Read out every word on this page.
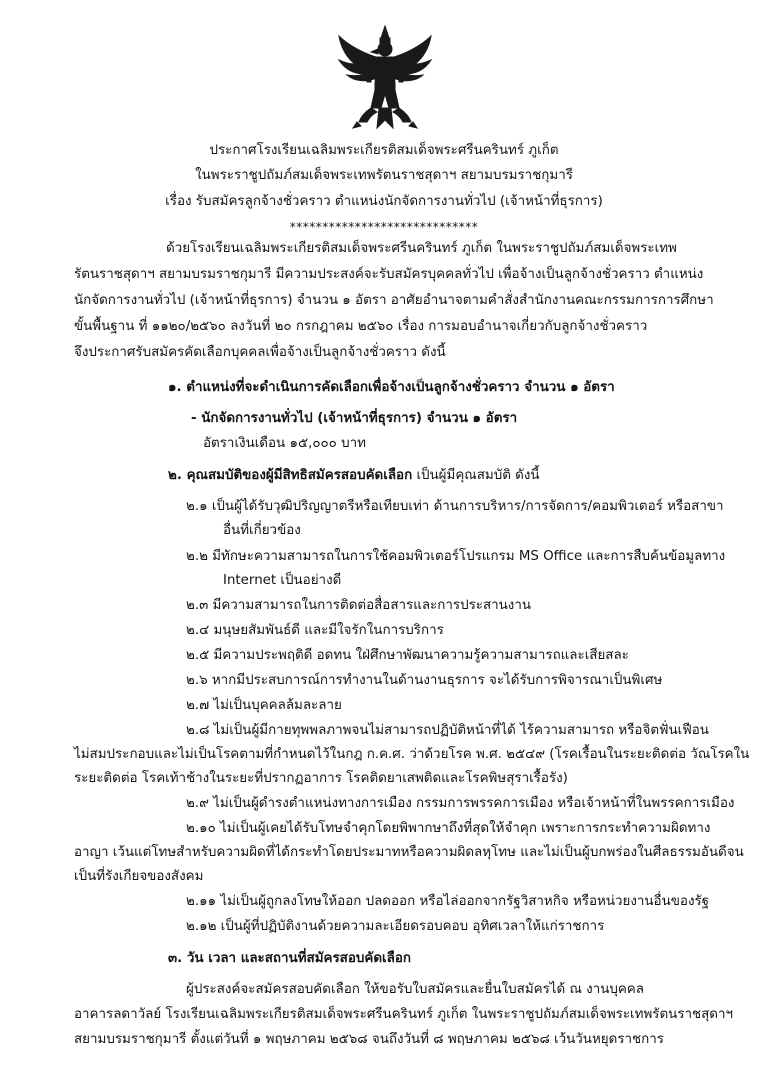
ประกาศโรงเรียนเฉลิมพระเกียรติสมเด็จพระศรีนครินทร์ ภูเก็ต
ในพระราชูปถัมภ์สมเด็จพระเทพรัตนราชสุดาฯ สยามบรมราชกุมารี
เรื่อง รับสมัครลูกจ้างชั่วคราว ตำแหน่งนักจัดการงานทั่วไป (เจ้าหน้าที่ธุรการ)
*****************************
ด้วยโรงเรียนเฉลิมพระเกียรติสมเด็จพระศรีนครินทร์ ภูเก็ต ในพระราชูปถัมภ์สมเด็จพระเทพ
รัตนราชสุดาฯ สยามบรมราชกุมารี มีความประสงค์จะรับสมัครบุคคลทั่วไป เพื่อจ้างเป็นลูกจ้างชั่วคราว ตำแหน่ง
นักจัดการงานทั่วไป (เจ้าหน้าที่ธุรการ) จำนวน ๑ อัตรา อาศัยอำนาจตามคำสั่งสำนักงานคณะกรรมการการศึกษา
ขั้นพื้นฐาน ที่ ๑๑๒๐/๒๕๖๐ ลงวันที่ ๒๐ กรกฎาคม ๒๕๖๐ เรื่อง การมอบอำนาจเกี่ยวกับลูกจ้างชั่วคราว
จึงประกาศรับสมัครคัดเลือกบุคคลเพื่อจ้างเป็นลูกจ้างชั่วคราว ดังนี้
๑. ตำแหน่งที่จะดำเนินการคัดเลือกเพื่อจ้างเป็นลูกจ้างชั่วคราว จำนวน ๑ อัตรา
- นักจัดการงานทั่วไป (เจ้าหน้าที่ธุรการ) จำนวน ๑ อัตรา
อัตราเงินเดือน ๑๕,๐๐๐ บาท
๒. คุณสมบัติของผู้มีสิทธิสมัครสอบคัดเลือก เป็นผู้มีคุณสมบัติ ดังนี้
๒.๑ เป็นผู้ได้รับวุฒิปริญญาตรีหรือเทียบเท่า ด้านการบริหาร/การจัดการ/คอมพิวเตอร์ หรือสาขา
อื่นที่เกี่ยวข้อง
๒.๒ มีทักษะความสามารถในการใช้คอมพิวเตอร์โปรแกรม MS Office และการสืบค้นข้อมูลทาง
Internet เป็นอย่างดี
๒.๓ มีความสามารถในการติดต่อสื่อสารและการประสานงาน
๒.๔ มนุษยสัมพันธ์ดี และมีใจรักในการบริการ
๒.๕ มีความประพฤติดี อดทน ใฝ่ศึกษาพัฒนาความรู้ความสามารถและเสียสละ
๒.๖ หากมีประสบการณ์การทำงานในด้านงานธุรการ จะได้รับการพิจารณาเป็นพิเศษ
๒.๗ ไม่เป็นบุคคลล้มละลาย
๒.๘ ไม่เป็นผู้มีกายทุพพลภาพจนไม่สามารถปฏิบัติหน้าที่ได้ ไร้ความสามารถ หรือจิตฟั่นเฟือน
ไม่สมประกอบและไม่เป็นโรคตามที่กำหนดไว้ในกฎ ก.ค.ศ. ว่าด้วยโรค พ.ศ. ๒๕๔๙ (โรคเรื้อนในระยะติดต่อ วัณโรคใน
ระยะติดต่อ โรคเท้าช้างในระยะที่ปรากฏอาการ โรคติดยาเสพติดและโรคพิษสุราเรื้อรัง)
๒.๙ ไม่เป็นผู้ดำรงตำแหน่งทางการเมือง กรรมการพรรคการเมือง หรือเจ้าหน้าที่ในพรรคการเมือง
๒.๑๐ ไม่เป็นผู้เคยได้รับโทษจำคุกโดยพิพากษาถึงที่สุดให้จำคุก เพราะการกระทำความผิดทาง
อาญา เว้นแต่โทษสำหรับความผิดที่ได้กระทำโดยประมาทหรือความผิดลหุโทษ และไม่เป็นผู้บกพร่องในศีลธรรมอันดีจน
เป็นที่รังเกียจของสังคม
๒.๑๑ ไม่เป็นผู้ถูกลงโทษให้ออก ปลดออก หรือไล่ออกจากรัฐวิสาหกิจ หรือหน่วยงานอื่นของรัฐ
๒.๑๒ เป็นผู้ที่ปฏิบัติงานด้วยความละเอียดรอบคอบ อุทิศเวลาให้แก่ราชการ
๓. วัน เวลา และสถานที่สมัครสอบคัดเลือก
ผู้ประสงค์จะสมัครสอบคัดเลือก ให้ขอรับใบสมัครและยื่นใบสมัครได้ ณ งานบุคคล
อาคารลดาวัลย์ โรงเรียนเฉลิมพระเกียรติสมเด็จพระศรีนครินทร์ ภูเก็ต ในพระราชูปถัมภ์สมเด็จพระเทพรัตนราชสุดาฯ
สยามบรมราชกุมารี ตั้งแต่วันที่ ๑ พฤษภาคม ๒๕๖๘ จนถึงวันที่ ๘ พฤษภาคม ๒๕๖๘ เว้นวันหยุดราชการ
